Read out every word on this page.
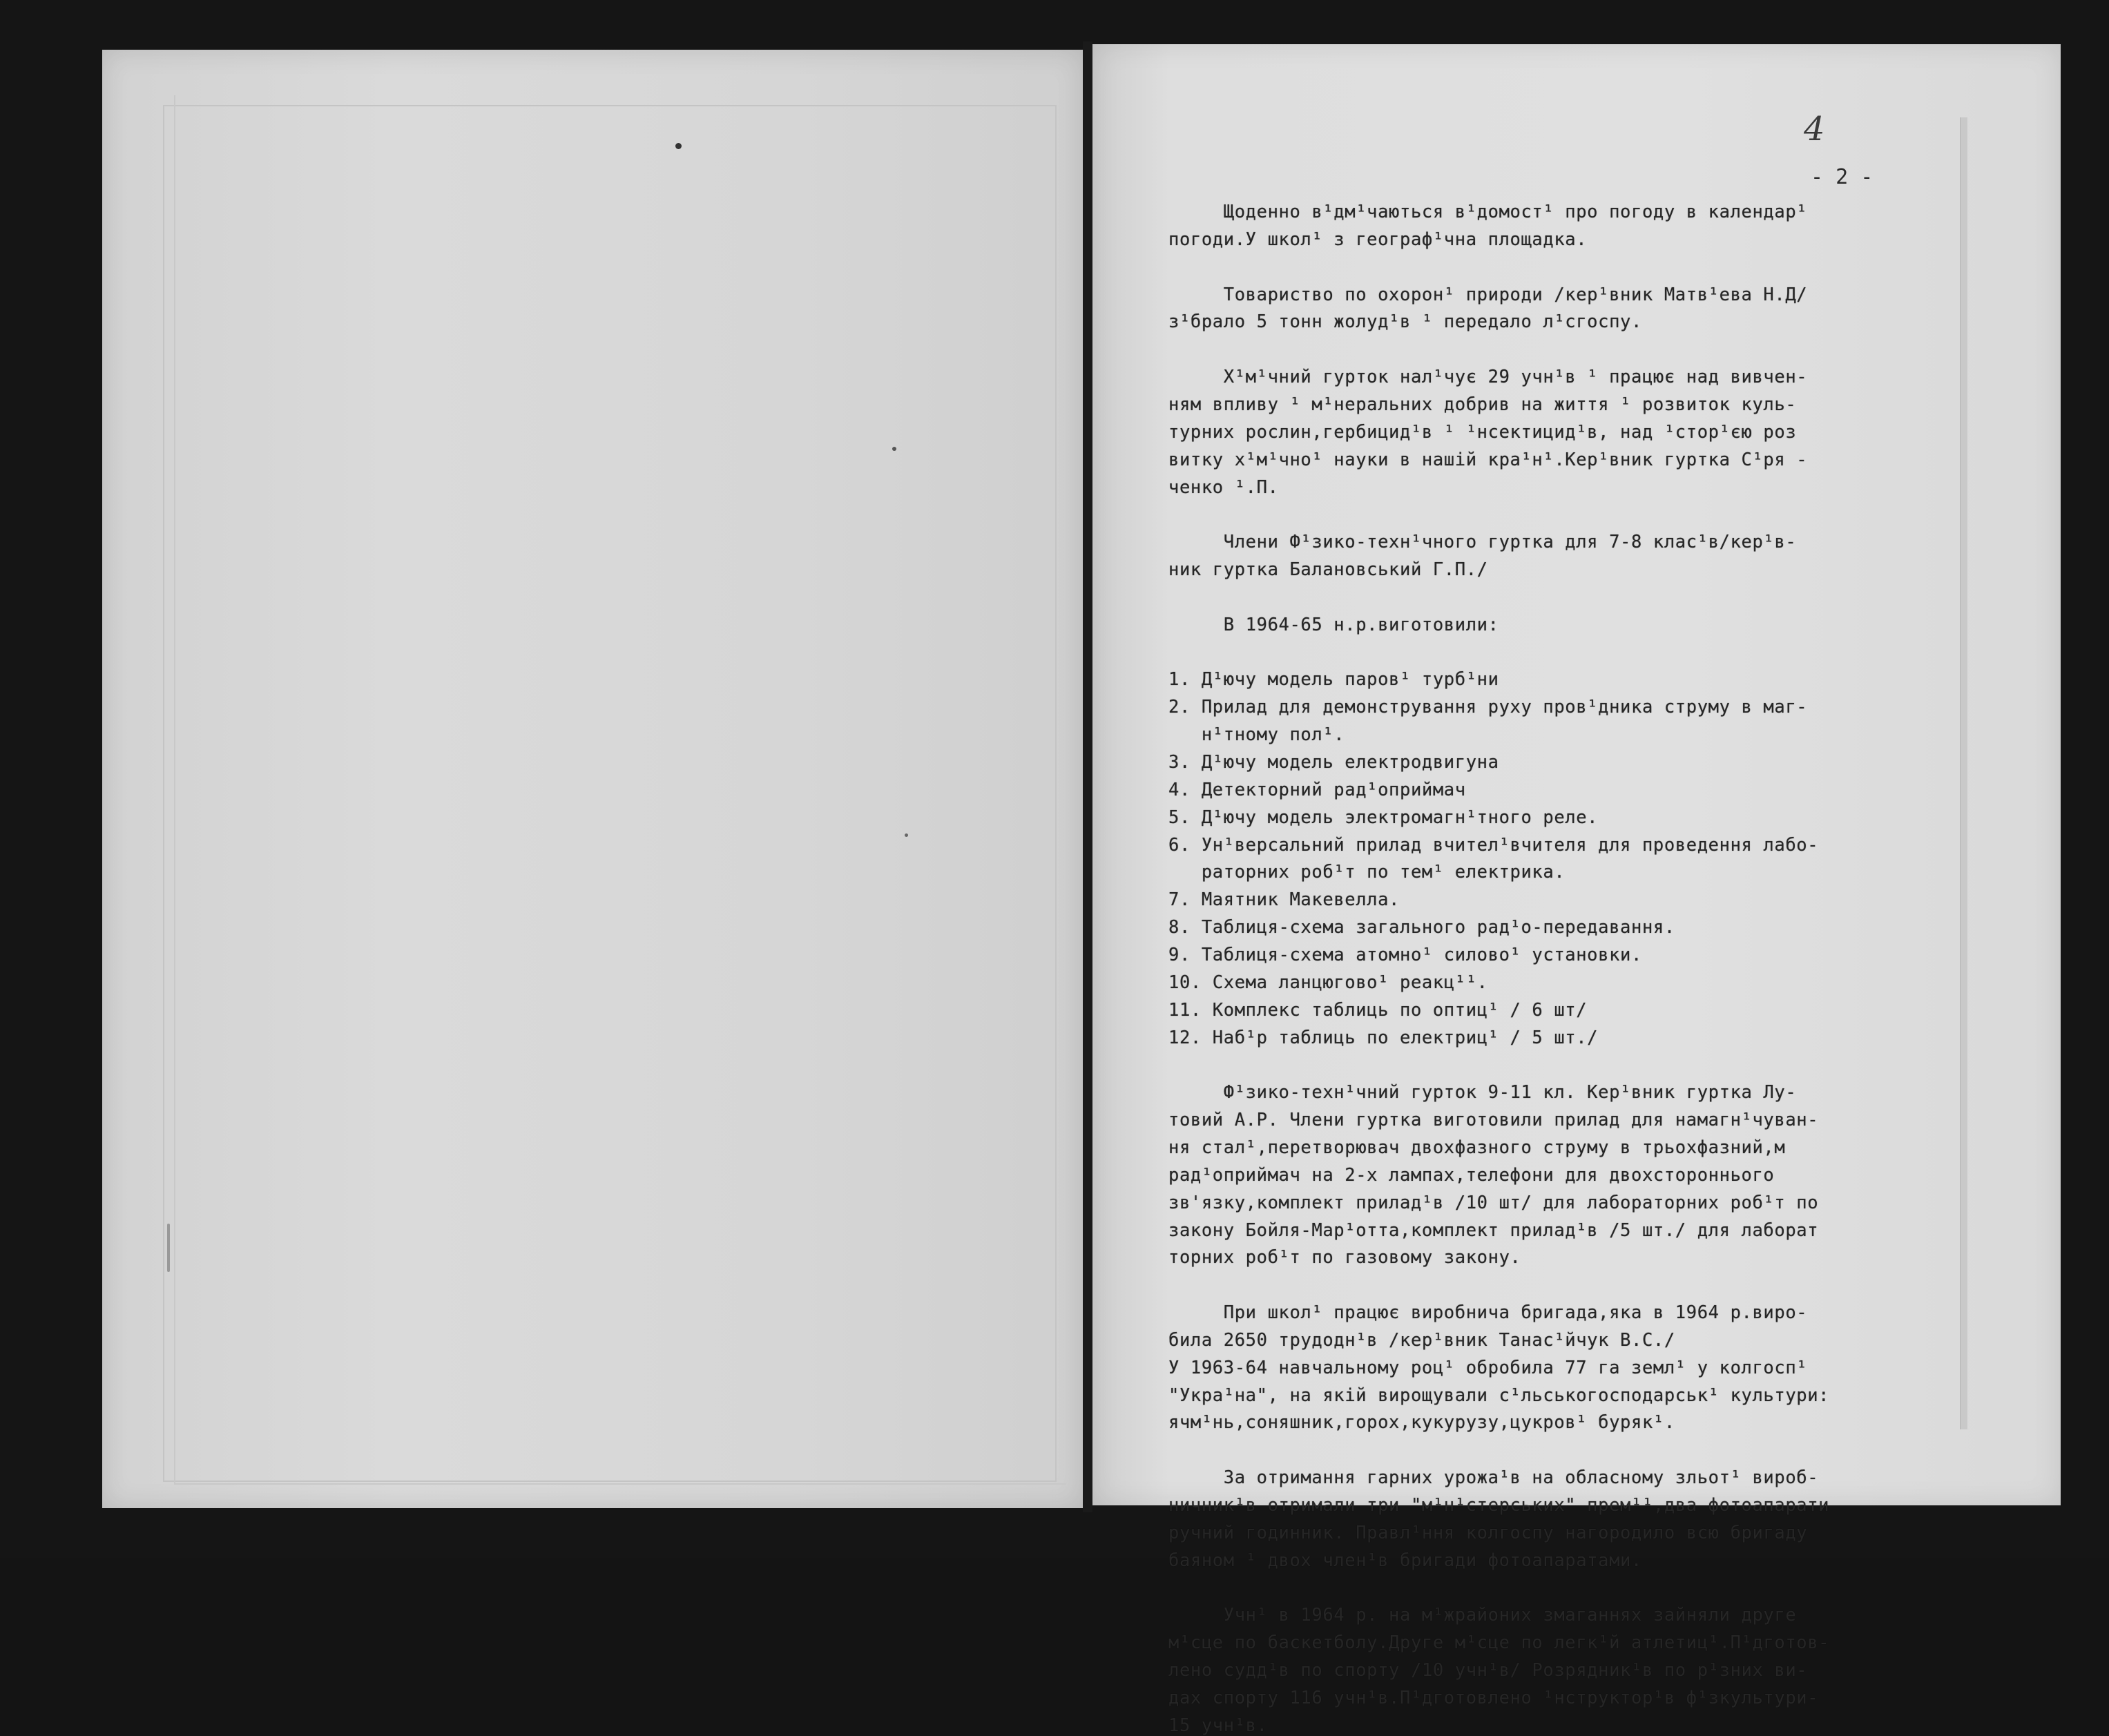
4
- 2 -
Щоденно в¹дм¹чаються в¹домост¹ про погоду в календар¹
погоди.У школ¹ з географ¹чна площадка.
Товариство по охорон¹ природи /кер¹вник Матв¹ева Н.Д/
з¹брало 5 тонн жолуд¹в ¹ передало л¹сгоспу.
Х¹м¹чний гурток нал¹чує 29 учн¹в ¹ працює над вивчен-
ням впливу ¹ м¹неральних добрив на життя ¹ розвиток куль-
турних рослин,гербицид¹в ¹ ¹нсектицид¹в, над ¹стор¹єю роз
витку х¹м¹чно¹ науки в нашій кра¹н¹.Кер¹вник гуртка С¹ря -
ченко ¹.П.
Члени Ф¹зико-техн¹чного гуртка для 7-8 клас¹в/кер¹в-
ник гуртка Балановський Г.П./
В 1964-65 н.р.виготовили:
1. Д¹ючу модель паров¹ турб¹ни
2. Прилад для демонстрування руху пров¹дника струму в маг-
н¹тному пол¹.
3. Д¹ючу модель електродвигуна
4. Детекторний рад¹оприймач
5. Д¹ючу модель электромагн¹тного реле.
6. Ун¹версальний прилад вчител¹вчителя для проведення лабо-
раторних роб¹т по тем¹ електрика.
7. Маятник Макевелла.
8. Таблиця-схема загального рад¹о-передавання.
9. Таблиця-схема атомно¹ силово¹ установки.
10. Схема ланцюгово¹ реакц¹¹.
11. Комплекс таблиць по оптиц¹ / 6 шт/
12. Наб¹р таблиць по електриц¹ / 5 шт./
Ф¹зико-техн¹чний гурток 9-11 кл. Кер¹вник гуртка Лу-
товий А.Р. Члени гуртка виготовили прилад для намагн¹чуван-
ня стал¹,перетворювач двохфазного струму в трьохфазний,м
рад¹оприймач на 2-х лампах,телефони для двохстороннього
зв'язку,комплект прилад¹в /10 шт/ для лабораторних роб¹т по
закону Бойля-Мар¹отта,комплект прилад¹в /5 шт./ для лаборат
торних роб¹т по газовому закону.
При школ¹ працює виробнича бригада,яка в 1964 р.виро-
била 2650 трудодн¹в /кер¹вник Танас¹йчук В.С./
У 1963-64 навчальному роц¹ обробила 77 га земл¹ у колгосп¹
"Укра¹на", на якій вирощували с¹льськогосподарськ¹ культури:
ячм¹нь,соняшник,горох,кукурузу,цукров¹ буряк¹.
За отримання гарних урожа¹в на обласному зльот¹ вироб-
ничник¹в отримали три "м¹н¹стерських" прем¹¹,два фотоапарати
ручний годинник. Правл¹ння колгоспу нагородило всю бригаду
баяном ¹ двох член¹в бригади фотоапаратами.
Учн¹ в 1964 р. на м¹жрайоних змаганнях зайняли друге
м¹сце по баскетболу.Друге м¹сце по легк¹й атлетиц¹.П¹дготов-
лено судд¹в по спорту /10 учн¹в/ Розрядник¹в по р¹зних ви-
дах спорту 116 учн¹в.П¹дготовлено ¹нструктор¹в ф¹зкультури-
15 учн¹в.
